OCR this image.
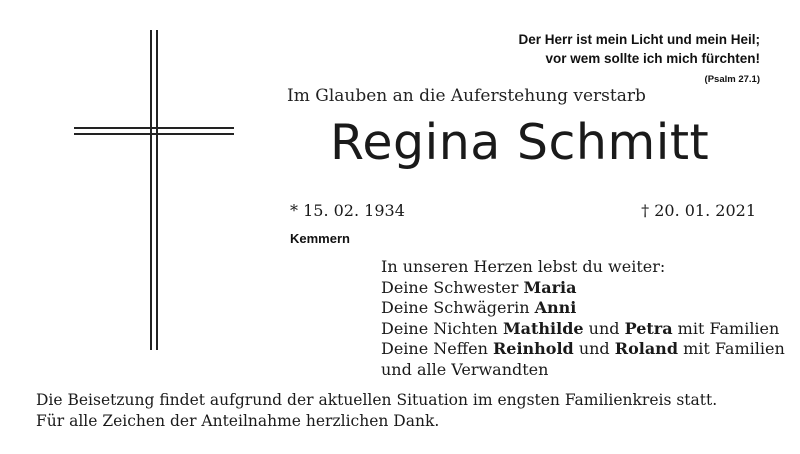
Der Herr ist mein Licht und mein Heil;
vor wem sollte ich mich fürchten!
(Psalm 27.1)
Im Glauben an die Auferstehung verstarb
Regina Schmitt
* 15. 02. 1934	† 20. 01. 2021
Kemmern
In unseren Herzen lebst du weiter:
Deine Schwester Maria
Deine Schwägerin Anni
Deine Nichten Mathilde und Petra mit Familien
Deine Neffen Reinhold und Roland mit Familien
und alle Verwandten
Die Beisetzung findet aufgrund der aktuellen Situation im engsten Familienkreis statt.
Für alle Zeichen der Anteilnahme herzlichen Dank.
